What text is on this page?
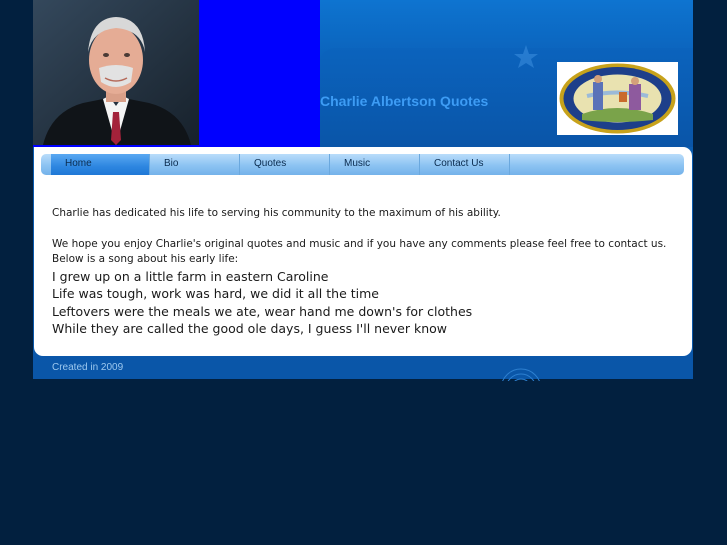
Charlie Albertson Quotes
Home	Bio	Quotes	Music	Contact Us

Charlie has dedicated his life to serving his community to the maximum of his ability.

We hope you enjoy Charlie's original quotes and music and if you have any comments please feel free to contact us. Below is a song about his early life:

I grew up on a little farm in eastern Caroline
Life was tough, work was hard, we did it all the time
Leftovers were the meals we ate, wear hand me down's for clothes
While they are called the good ole days, I guess I'll never know
Created in 2009
